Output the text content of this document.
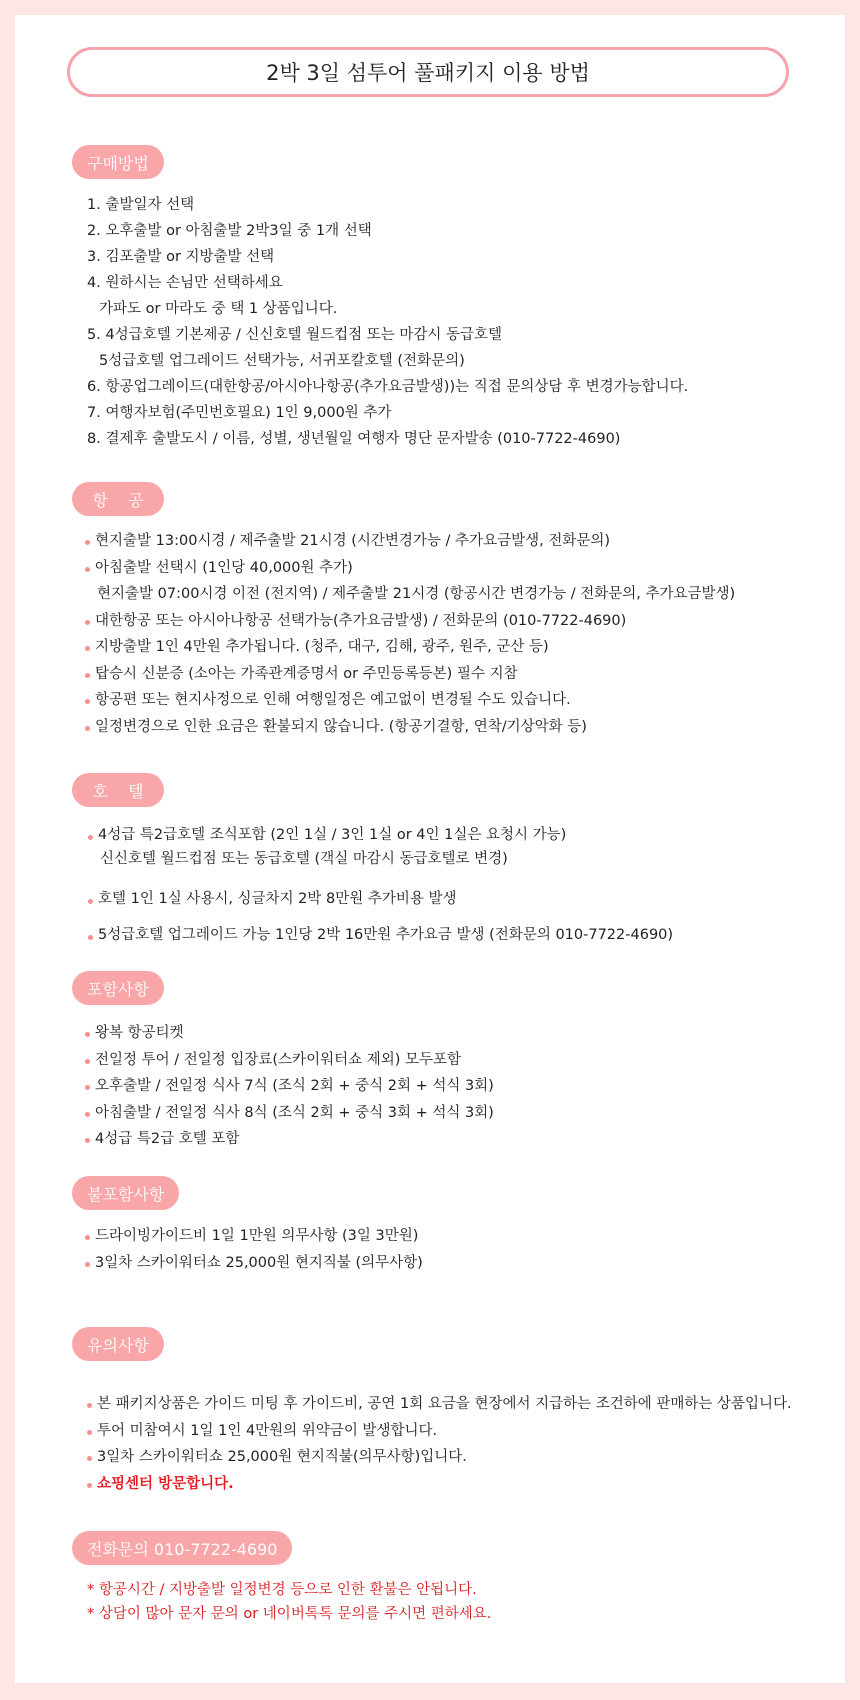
2박 3일 섬투어 풀패키지 이용 방법
구매방법
1. 출발일자 선택
2. 오후출발 or 아침출발 2박3일 중 1개 선택
3. 김포출발 or 지방출발 선택
4. 원하시는 손님만 선택하세요
가파도 or 마라도 중 택 1 상품입니다.
5. 4성급호텔 기본제공 / 신신호텔 월드컵점 또는 마감시 동급호텔
5성급호텔 업그레이드 선택가능, 서귀포칼호텔 (전화문의)
6. 항공업그레이드(대한항공/아시아나항공(추가요금발생))는 직접 문의상담 후 변경가능합니다.
7. 여행자보험(주민번호필요) 1인 9,000원 추가
8. 결제후 출발도시 / 이름, 성별, 생년월일 여행자 명단 문자발송 (010-7722-4690)
항공
현지출발 13:00시경 / 제주출발 21시경 (시간변경가능 / 추가요금발생, 전화문의)
아침출발 선택시 (1인당 40,000원 추가)
현지출발 07:00시경 이전 (전지역) / 제주출발 21시경 (항공시간 변경가능 / 전화문의, 추가요금발생)
대한항공 또는 아시아나항공 선택가능(추가요금발생) / 전화문의 (010-7722-4690)
지방출발 1인 4만원 추가됩니다. (청주, 대구, 김해, 광주, 원주, 군산 등)
탑승시 신분증 (소아는 가족관계증명서 or 주민등록등본) 필수 지참
항공편 또는 현지사정으로 인해 여행일정은 예고없이 변경될 수도 있습니다.
일정변경으로 인한 요금은 환불되지 않습니다. (항공기결항, 연착/기상악화 등)
호텔
4성급 특2급호텔 조식포함 (2인 1실 / 3인 1실 or 4인 1실은 요청시 가능)
신신호텔 월드컵점 또는 동급호텔 (객실 마감시 동급호텔로 변경)
호텔 1인 1실 사용시, 싱글차지 2박 8만원 추가비용 발생
5성급호텔 업그레이드 가능 1인당 2박 16만원 추가요금 발생 (전화문의 010-7722-4690)
포함사항
왕복 항공티켓
전일정 투어 / 전일정 입장료(스카이워터쇼 제외) 모두포함
오후출발 / 전일정 식사 7식 (조식 2회 + 중식 2회 + 석식 3회)
아침출발 / 전일정 식사 8식 (조식 2회 + 중식 3회 + 석식 3회)
4성급 특2급 호텔 포함
불포함사항
드라이빙가이드비 1일 1만원 의무사항 (3일 3만원)
3일차 스카이워터쇼 25,000원 현지직불 (의무사항)
유의사항
본 패키지상품은 가이드 미팅 후 가이드비, 공연 1회 요금을 현장에서 지급하는 조건하에 판매하는 상품입니다.
투어 미참여시 1일 1인 4만원의 위약금이 발생합니다.
3일차 스카이워터쇼 25,000원 현지직불(의무사항)입니다.
쇼핑센터 방문합니다.
전화문의 010-7722-4690
* 항공시간 / 지방출발 일정변경 등으로 인한 환불은 안됩니다.
* 상담이 많아 문자 문의 or 네이버톡톡 문의를 주시면 편하세요.
